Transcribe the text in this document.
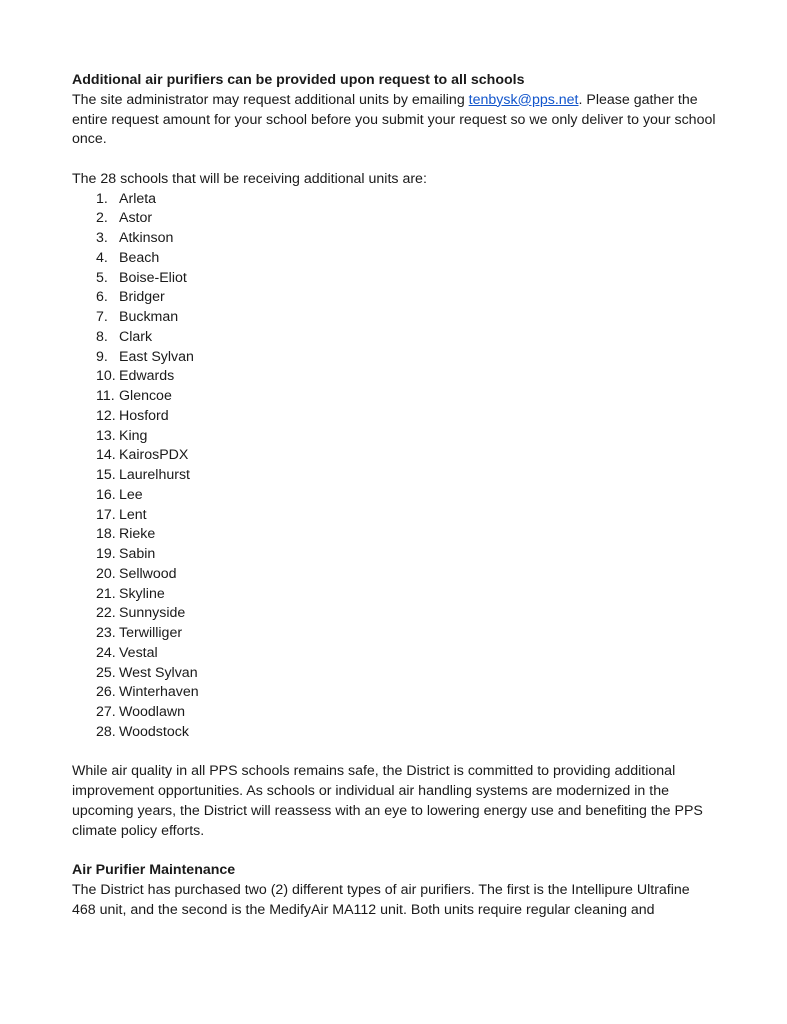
Additional air purifiers can be provided upon request to all schools

The site administrator may request additional units by emailing tenbysk@pps.net. Please gather the entire request amount for your school before you submit your request so we only deliver to your school once.

The 28 schools that will be receiving additional units are:

1. Arleta
2. Astor
3. Atkinson
4. Beach
5. Boise-Eliot
6. Bridger
7. Buckman
8. Clark
9. East Sylvan
10. Edwards
11. Glencoe
12. Hosford
13. King
14. KairosPDX
15. Laurelhurst
16. Lee
17. Lent
18. Rieke
19. Sabin
20. Sellwood
21. Skyline
22. Sunnyside
23. Terwilliger
24. Vestal
25. West Sylvan
26. Winterhaven
27. Woodlawn
28. Woodstock

While air quality in all PPS schools remains safe, the District is committed to providing additional improvement opportunities. As schools or individual air handling systems are modernized in the upcoming years, the District will reassess with an eye to lowering energy use and benefiting the PPS climate policy efforts.

Air Purifier Maintenance

The District has purchased two (2) different types of air purifiers. The first is the Intellipure Ultrafine 468 unit, and the second is the MedifyAir MA112 unit. Both units require regular cleaning and
